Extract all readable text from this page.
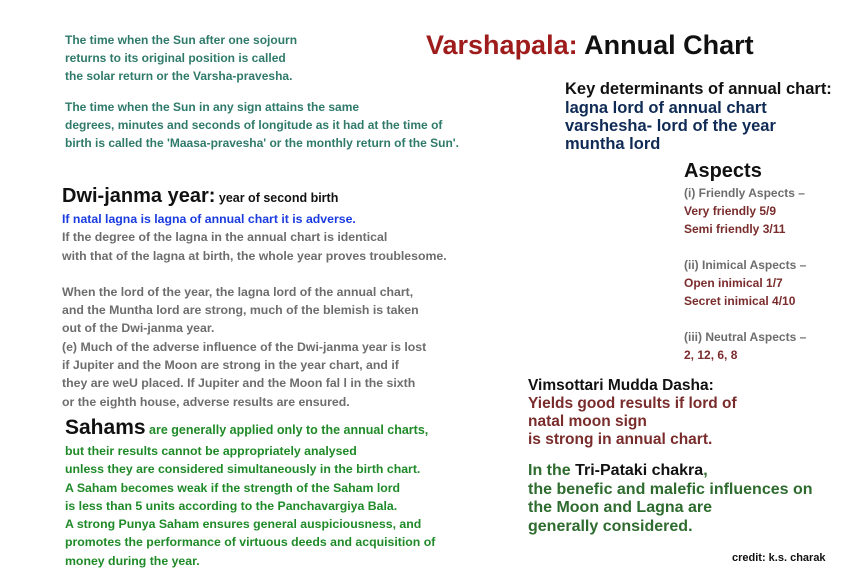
Varshapala: Annual Chart
The time when the Sun after one sojourn
returns to its original position is called
the solar return or the Varsha-pravesha.
The time when the Sun in any sign attains the same
degrees, minutes and seconds of longitude as it had at the time of
birth is called the 'Maasa-pravesha' or the monthly return of the Sun'.
Key determinants of annual chart:
lagna lord of annual chart
varshesha- lord of the year
muntha lord
Aspects
(i) Friendly Aspects –
Very friendly 5/9
Semi friendly 3/11
(ii) Inimical Aspects –
Open inimical 1/7
Secret inimical 4/10
(iii) Neutral Aspects –
2, 12, 6, 8
Dwi-janma year: year of second birth
If natal lagna is lagna of annual chart it is adverse.
If the degree of the lagna in the annual chart is identical
with that of the lagna at birth, the whole year proves troublesome.
When the lord of the year, the lagna lord of the annual chart,
and the Muntha lord are strong, much of the blemish is taken
out of the Dwi-janma year.
(e) Much of the adverse influence of the Dwi-janma year is lost
if Jupiter and the Moon are strong in the year chart, and if
they are weU placed. If Jupiter and the Moon fal l in the sixth
or the eighth house, adverse results are ensured.
Vimsottari Mudda Dasha:
Yields good results if lord of
natal moon sign
is strong in annual chart.
In the Tri-Pataki chakra,
the benefic and malefic influences on
the Moon and Lagna are
generally considered.
Sahams are generally applied only to the annual charts,
but their results cannot be appropriately analysed
unless they are considered simultaneously in the birth chart.
A Saham becomes weak if the strength of the Saham lord
is less than 5 units according to the Panchavargiya Bala.
A strong Punya Saham ensures general auspiciousness, and
promotes the performance of virtuous deeds and acquisition of
money during the year.	credit: k.s. charak
